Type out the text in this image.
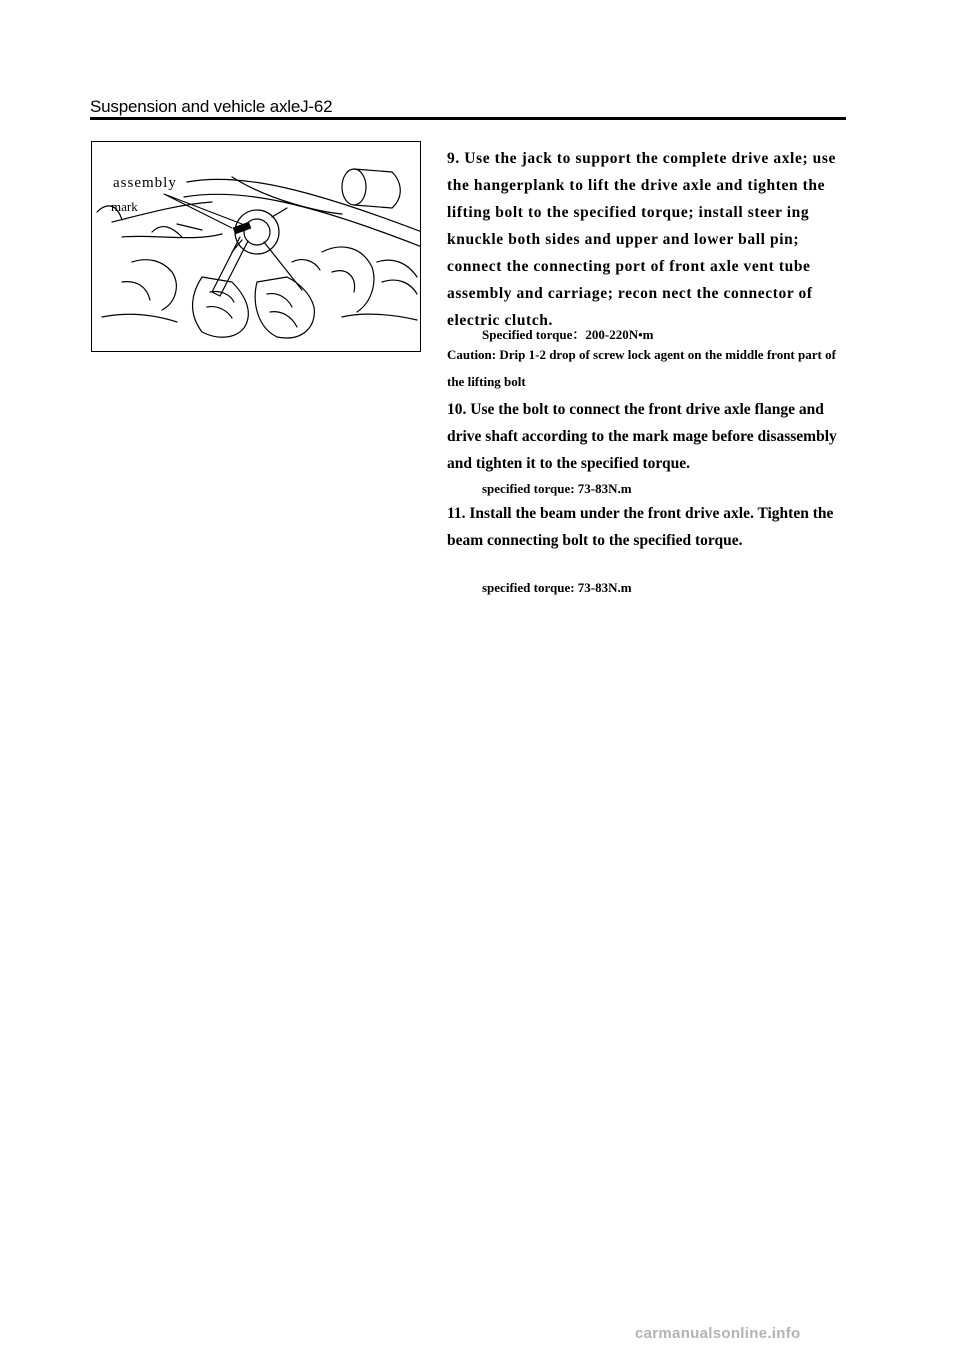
Suspension and vehicle axleJ-62
assembly
mark

9. Use the jack to support the complete drive axle; use the hangerplank to lift the drive axle and tighten the lifting bolt to the specified torque; install steer ing knuckle both sides and upper and lower ball pin; connect the connecting port of front axle vent tube assembly and carriage; recon nect the connector of electric clutch.

Specified torque：200-220N•m

Caution: Drip 1-2 drop of screw lock agent on the middle front part of the lifting bolt

10. Use the bolt to connect the front drive axle flange and drive shaft according to the mark mage before disassembly and tighten it to the specified torque.

specified torque: 73-83N.m

11. Install the beam under the front drive axle. Tighten the beam connecting bolt to the specified torque.

specified torque: 73-83N.m

carmanualsonline.info
